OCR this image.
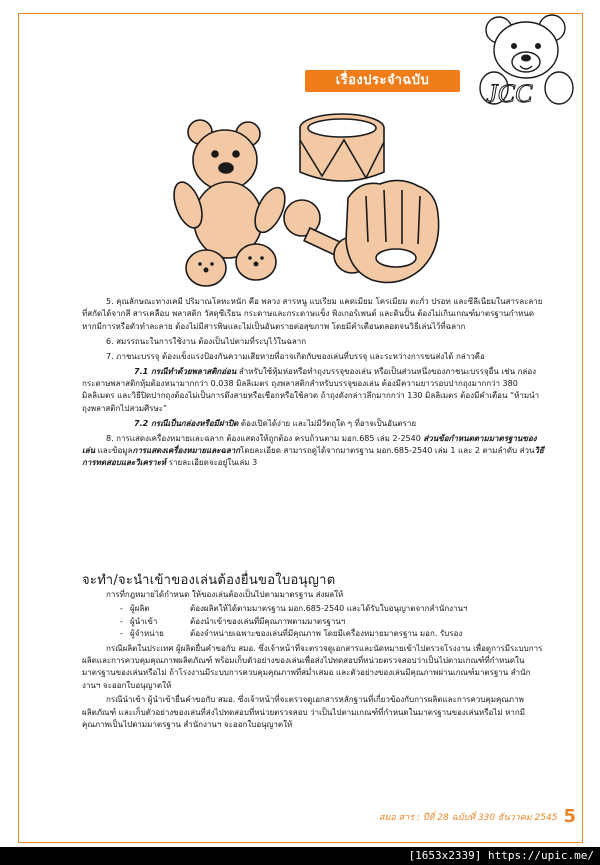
JCC
เรื่องประจำฉบับ

5. คุณลักษณะทางเคมี ปริมาณโลหะหนัก คือ พลวง สารหนู แบเรียม แคดเมียม โครเมียม ตะกั่ว ปรอท และซีลีเนียมในสารละลายที่สกัดได้จากสี สารเคลือบ พลาสติก วัสดุซีเรียน กระดาษและกระดาษแข็ง พิงเกอร์เพนต์ และดินปั้น ต้องไม่เกินเกณฑ์มาตรฐานกำหนด หากมีการหรือตัวทำละลาย ต้องไม่มีสารพิษและไม่เป็นอันตรายต่อสุขภาพ โดยมีคำเตือนตลอดจนวิธีเล่นไว้ที่ฉลาก

6. สมรรถนะในการใช้งาน ต้องเป็นไปตามที่ระบุไว้ในฉลาก

7. ภาชนะบรรจุ ต้องแข็งแรงป้องกันความเสียหายที่อาจเกิดกับของเล่นที่บรรจุ และระหว่างการขนส่งได้ กล่าวคือ

7.1 กรณีทำด้วยพลาสติกอ่อน สำหรับใช้หุ้มห่อหรือทำถุงบรรจุของเล่น หรือเป็นส่วนหนึ่งของภาชนะบรรจุอื่น เช่น กล่องกระดาษพลาสติกหุ้มต้องหนามากกว่า 0.038 มิลลิเมตร ถุงพลาสติกสำหรับบรรจุของเล่น ต้องมีความยาวรอบปากถุงมากกว่า 380 มิลลิเมตร และวิธีปิดปากถุงต้องไม่เป็นการดึงสายหรือเชือกหรือใช้ลวด ถ้าถุงดังกล่าวลึกมากกว่า 130 มิลลิเมตร ต้องมีคำเตือน “ห้ามนำถุงพลาสติกไปสวมศีรษะ”

7.2 กรณีเป็นกล่องหรือมีฝาปิด ต้องเปิดได้ง่าย และไม่มีวัตถุใด ๆ ที่อาจเป็นอันตราย

8. การแสดงเครื่องหมายและฉลาก ต้องแสดงให้ถูกต้อง ครบถ้วนตาม มอก.685 เล่ม 2-2540 ส่วนข้อกำหนดตามมาตรฐานของเล่น และข้อมูลการแสดงเครื่องหมายและฉลากโดยละเอียด สามารถดูได้จากมาตรฐาน มอก.685-2540 เล่ม 1 และ 2 ตามลำดับ ส่วนวิธีการทดสอบและวิเคราะห์ รายละเอียดจะอยู่ในเล่ม 3

จะทำ/จะนำเข้าของเล่นต้องยื่นขอใบอนุญาต

การที่กฎหมายได้กำหนด ให้ของเล่นต้องเป็นไปตามมาตรฐาน ส่งผลให้

- ผู้ผลิต	ต้องผลิตให้ได้ตามมาตรฐาน มอก.685-2540 และได้รับใบอนุญาตจากสำนักงานฯ
- ผู้นำเข้า	ต้องนำเข้าของเล่นที่มีคุณภาพตามมาตรฐานฯ
- ผู้จำหน่าย	ต้องจำหน่ายเฉพาะของเล่นที่มีคุณภาพ โดยมีเครื่องหมายมาตรฐาน มอก. รับรอง

กรณีผลิตในประเทศ ผู้ผลิตยื่นคำขอกับ สมอ. ซึ่งเจ้าหน้าที่จะตรวจดูเอกสารและนัดหมายเข้าไปตรวจโรงงาน เพื่อดูการมีระบบการผลิตและการควบคุมคุณภาพผลิตภัณฑ์ พร้อมเก็บตัวอย่างของเล่นเพื่อส่งไปทดสอบที่หน่วยตรวจสอบว่าเป็นไปตามเกณฑ์ที่กำหนดในมาตรฐานของเล่นหรือไม่ ถ้าโรงงานมีระบบการควบคุมคุณภาพที่สม่ำเสมอ และตัวอย่างของเล่นมีคุณภาพผ่านเกณฑ์มาตรฐาน สำนักงานฯ จะออกใบอนุญาตให้

กรณีนำเข้า ผู้นำเข้ายื่นคำขอกับ สมอ. ซึ่งเจ้าหน้าที่จะตรวจดูเอกสารหลักฐานที่เกี่ยวข้องกับการผลิตและการควบคุมคุณภาพผลิตภัณฑ์ และเก็บตัวอย่างของเล่นที่ส่งไปทดสอบที่หน่วยตรวจสอบ ว่าเป็นไปตามเกณฑ์ที่กำหนดในมาตรฐานของเล่นหรือไม่ หากมีคุณภาพเป็นไปตามมาตรฐาน สำนักงานฯ จะออกใบอนุญาตให้

สมอ สาร : ปีที่ 28 ฉบับที่ 330 ธันวาคม 2545 5
[1653x2339] https://upic.me/
